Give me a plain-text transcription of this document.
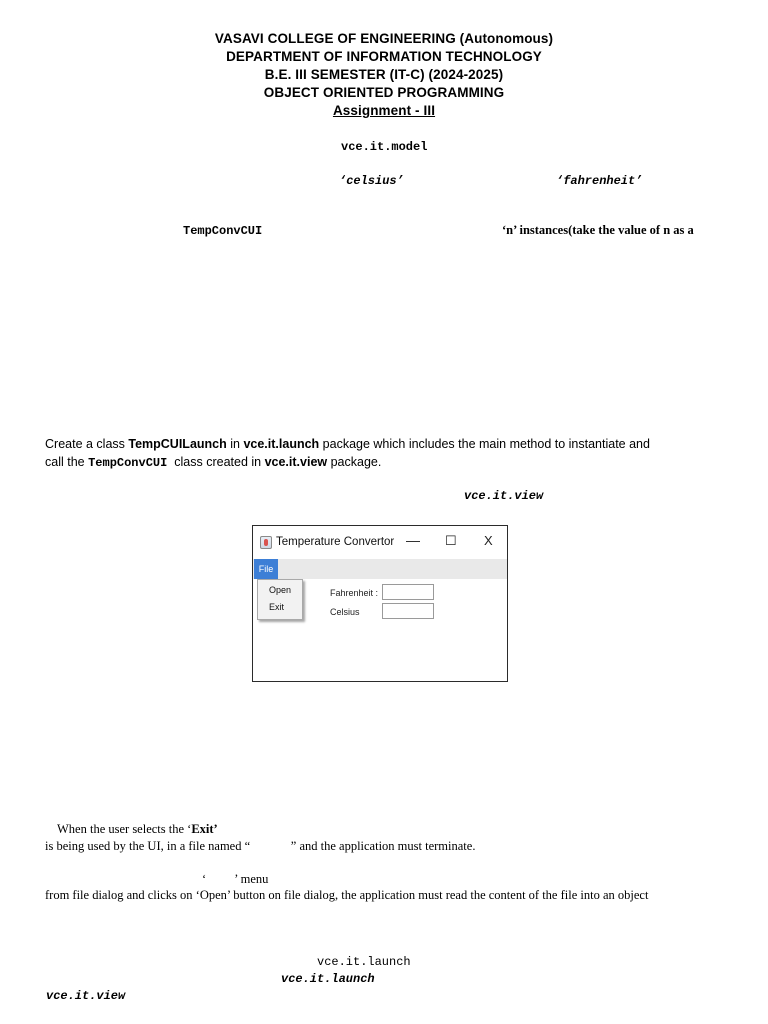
VASAVI COLLEGE OF ENGINEERING (Autonomous)
DEPARTMENT OF INFORMATION TECHNOLOGY
B.E. III SEMESTER (IT-C) (2024-2025)
OBJECT ORIENTED PROGRAMMING
Assignment - III
vce.it.model
‘celsius’	‘fahrenheit’
TempConvCUI	‘n’ instances(take the value of n as a
Create a class TempCUILaunch in vce.it.launch package which includes the main method to instantiate and
call the TempConvCUI  class created in vce.it.view package.
vce.it.view
Temperature Convertor — ☐ X
File
Open
Exit
Fahrenheit :
Celsius
When the user selects the ‘Exit’
is being used by the UI, in a file named “             ” and the application must terminate.
‘         ’ menu
from file dialog and clicks on ‘Open’ button on file dialog, the application must read the content of the file into an object
vce.it.launch
vce.it.launch
vce.it.view
